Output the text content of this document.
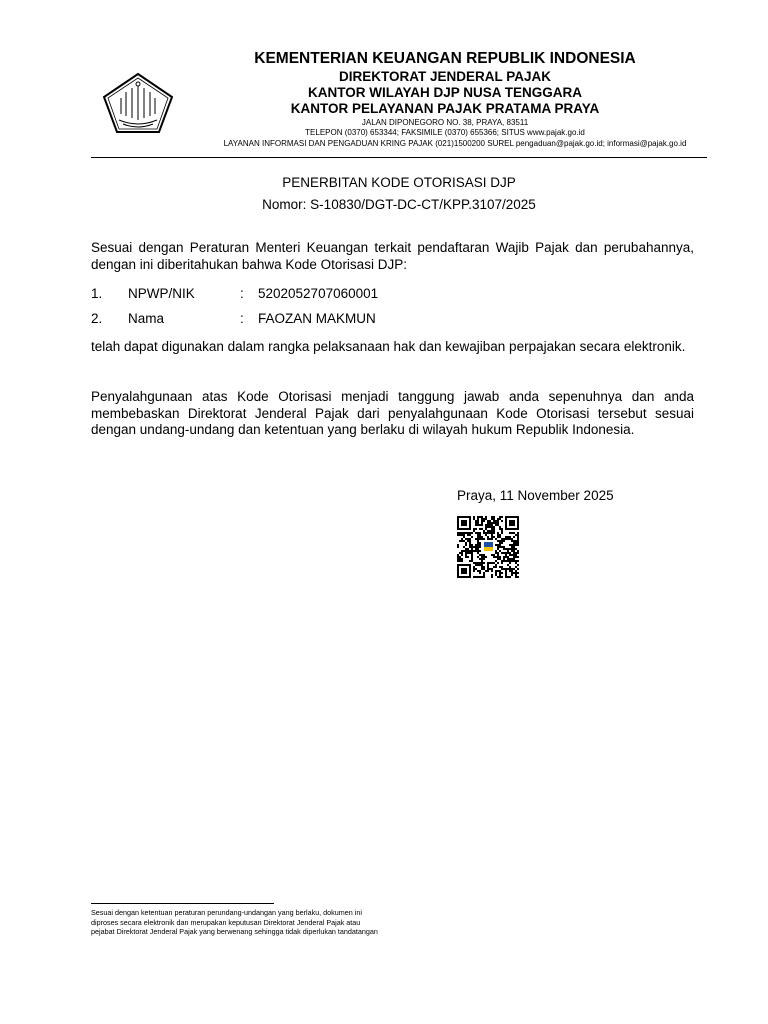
KEMENTERIAN KEUANGAN REPUBLIK INDONESIA
DIREKTORAT JENDERAL PAJAK
KANTOR WILAYAH DJP NUSA TENGGARA
KANTOR PELAYANAN PAJAK PRATAMA PRAYA
JALAN DIPONEGORO NO. 38, PRAYA, 83511
TELEPON (0370) 653344; FAKSIMILE (0370) 655366; SITUS www.pajak.go.id
LAYANAN INFORMASI DAN PENGADUAN KRING PAJAK (021)1500200 SUREL pengaduan@pajak.go.id; informasi@pajak.go.id
PENERBITAN KODE OTORISASI DJP
Nomor: S-10830/DGT-DC-CT/KPP.3107/2025
Sesuai dengan Peraturan Menteri Keuangan terkait pendaftaran Wajib Pajak dan perubahannya, dengan ini diberitahukan bahwa Kode Otorisasi DJP:
1. NPWP/NIK	: 5202052707060001
2. Nama	: FAOZAN MAKMUN
telah dapat digunakan dalam rangka pelaksanaan hak dan kewajiban perpajakan secara elektronik.
Penyalahgunaan atas Kode Otorisasi menjadi tanggung jawab anda sepenuhnya dan anda membebaskan Direktorat Jenderal Pajak dari penyalahgunaan Kode Otorisasi tersebut sesuai dengan undang-undang dan ketentuan yang berlaku di wilayah hukum Republik Indonesia.
Praya, 11 November 2025
Sesuai dengan ketentuan peraturan perundang-undangan yang berlaku, dokumen ini
diproses secara elektronik dan merupakan keputusan Direktorat Jenderal Pajak atau
pejabat Direktorat Jenderal Pajak yang berwenang sehingga tidak diperlukan tandatangan
